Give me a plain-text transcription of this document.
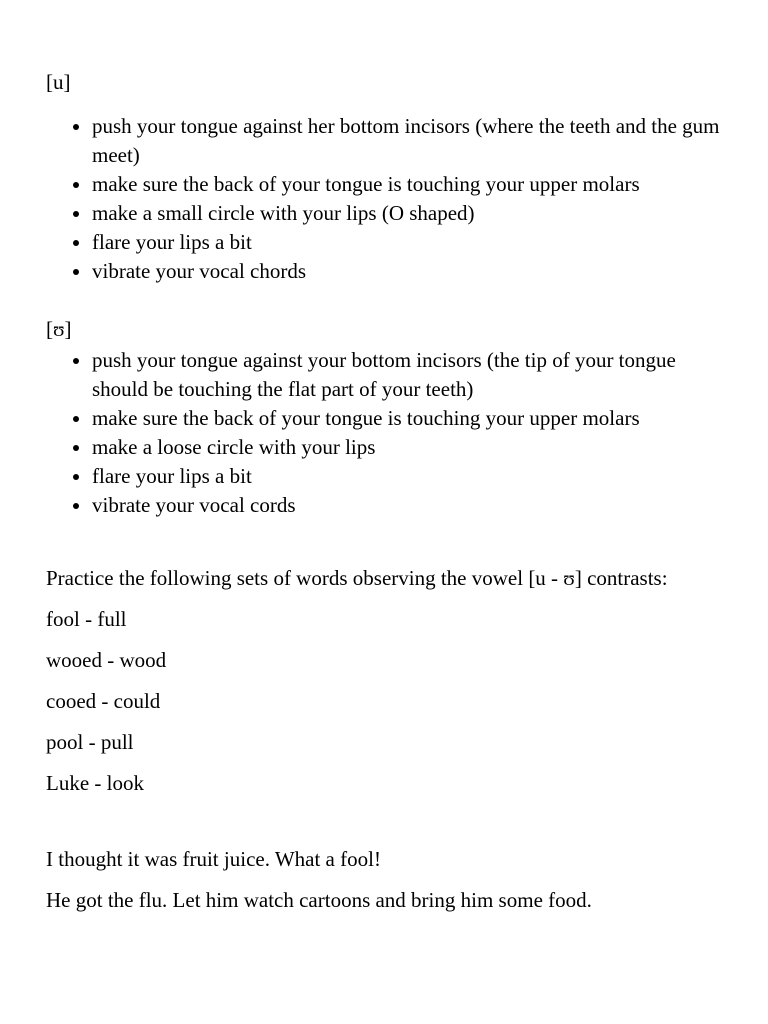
[u]

• push your tongue against her bottom incisors (where the teeth and the gum meet)
• make sure the back of your tongue is touching your upper molars
• make a small circle with your lips (O shaped)
• flare your lips a bit
• vibrate your vocal chords

[ʊ]

• push your tongue against your bottom incisors (the tip of your tongue should be touching the flat part of your teeth)
• make sure the back of your tongue is touching your upper molars
• make a loose circle with your lips
• flare your lips a bit
• vibrate your vocal cords

Practice the following sets of words observing the vowel [u - ʊ] contrasts:

fool - full

wooed - wood

cooed - could

pool - pull

Luke - look

I thought it was fruit juice. What a fool!

He got the flu. Let him watch cartoons and bring him some food.
